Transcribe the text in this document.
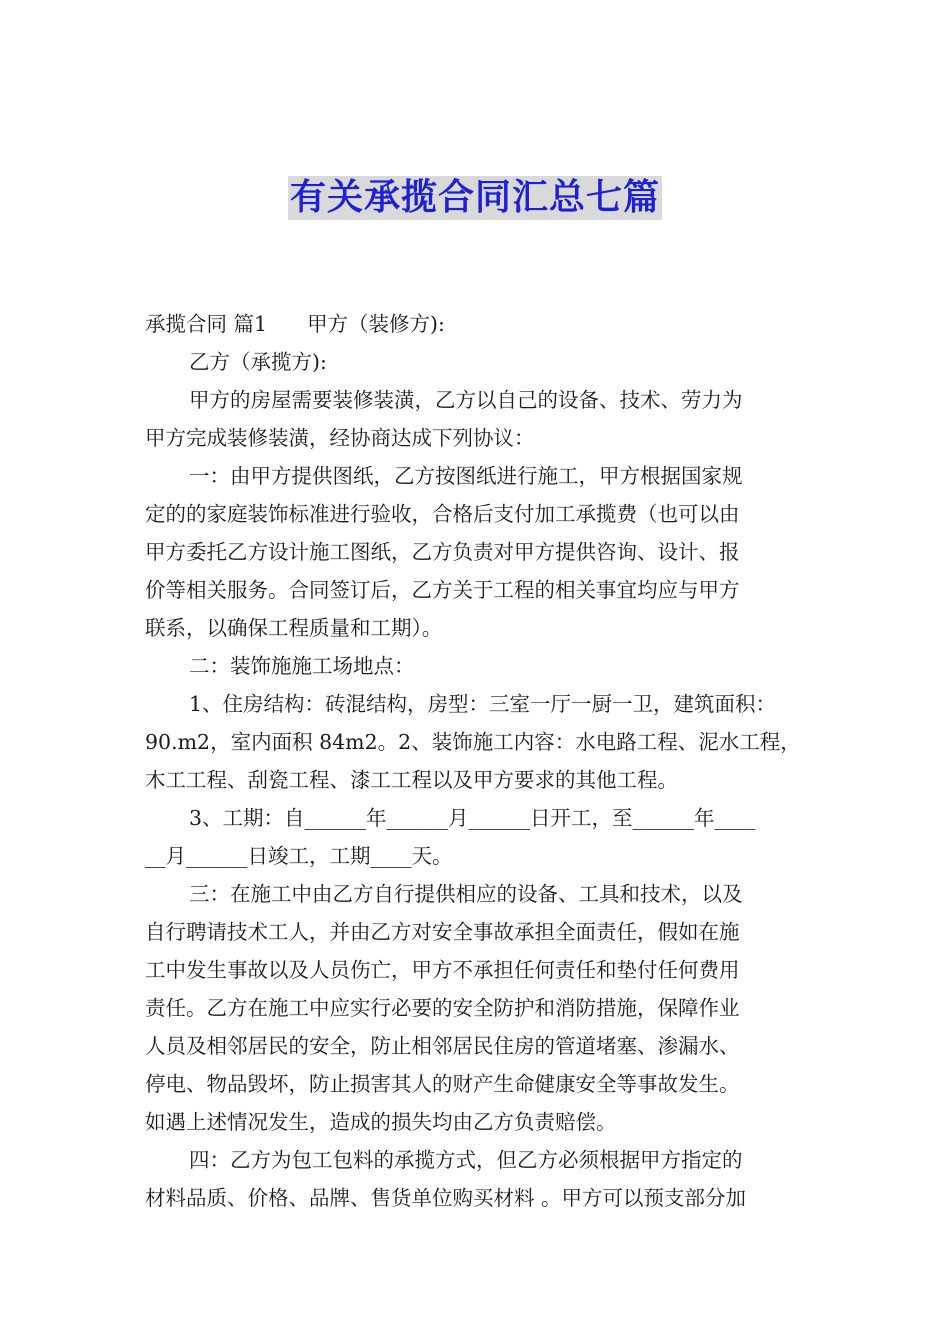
有关承揽合同汇总七篇
承揽合同 篇1 甲方（装修方):
乙方（承揽方):
甲方的房屋需要装修装潢，乙方以自己的设备、技术、劳力为
甲方完成装修装潢，经协商达成下列协议：
一：由甲方提供图纸，乙方按图纸进行施工，甲方根据国家规
定的的家庭装饰标准进行验收，合格后支付加工承揽费（也可以由
甲方委托乙方设计施工图纸，乙方负责对甲方提供咨询、设计、报
价等相关服务。合同签订后，乙方关于工程的相关事宜均应与甲方
联系，以确保工程质量和工期）。
二：装饰施施工场地点：
1、住房结构：砖混结构，房型：三室一厅一厨一卫，建筑面积：
90.m2，室内面积 84m2。2、装饰施工内容：水电路工程、泥水工程，
木工工程、刮瓷工程、漆工工程以及甲方要求的其他工程。
3、工期：自______年______月______日开工，至______年____
__月______日竣工，工期____天。
三：在施工中由乙方自行提供相应的设备、工具和技术，以及
自行聘请技术工人，并由乙方对安全事故承担全面责任，假如在施
工中发生事故以及人员伤亡，甲方不承担任何责任和垫付任何费用
责任。乙方在施工中应实行必要的安全防护和消防措施，保障作业
人员及相邻居民的安全，防止相邻居民住房的管道堵塞、渗漏水、
停电、物品毁坏，防止损害其人的财产生命健康安全等事故发生。
如遇上述情况发生，造成的损失均由乙方负责赔偿。
四：乙方为包工包料的承揽方式，但乙方必须根据甲方指定的
材料品质、价格、品牌、售货单位购买材料 。甲方可以预支部分加
